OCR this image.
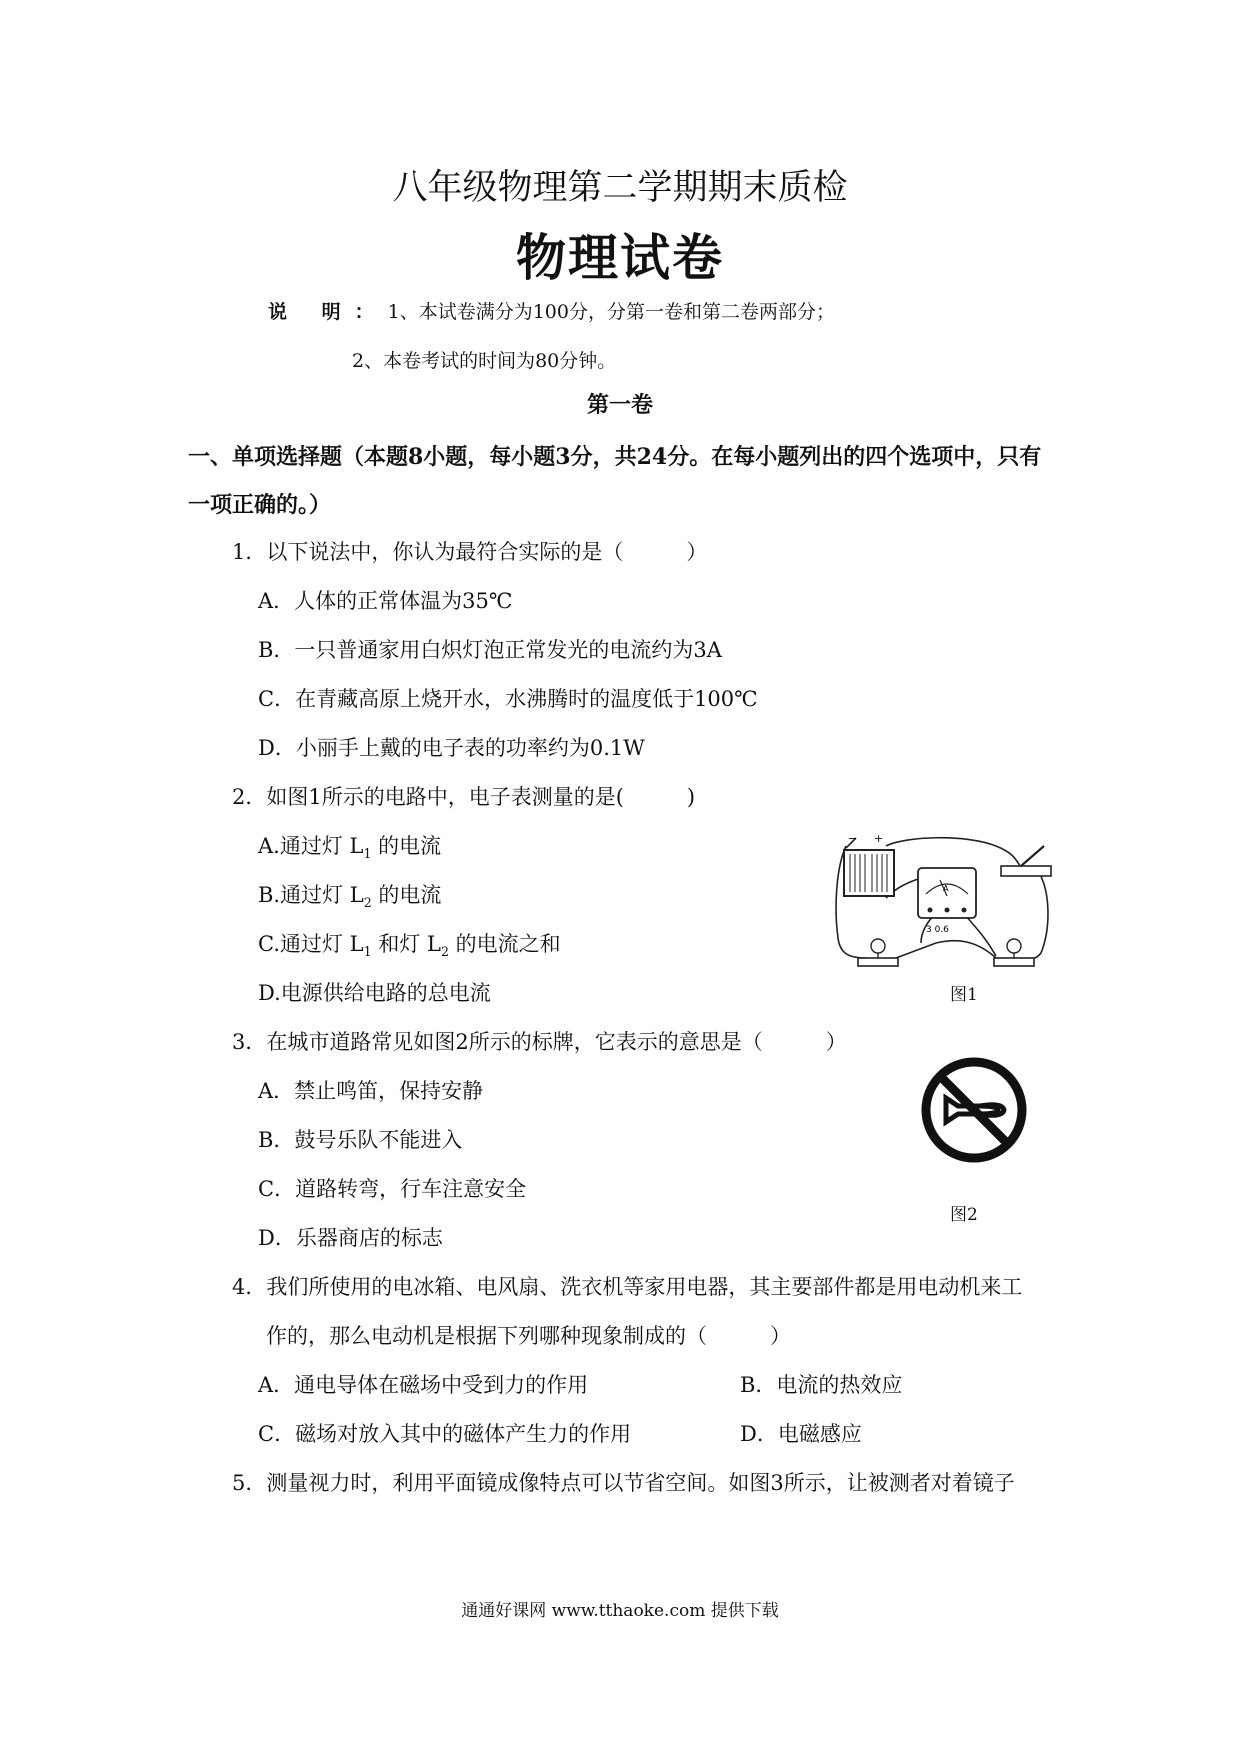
八年级物理第二学期期末质检
物理试卷
说 明：1、本试卷满分为100分，分第一卷和第二卷两部分；
2、本卷考试的时间为80分钟。
第一卷
一、单项选择题（本题8小题，每小题3分，共24分。在每小题列出的四个选项中，只有
一项正确的。）
1．以下说法中，你认为最符合实际的是（　　　）
A．人体的正常体温为35℃
B．一只普通家用白炽灯泡正常发光的电流约为3A
C．在青藏高原上烧开水，水沸腾时的温度低于100℃
D．小丽手上戴的电子表的功率约为0.1W
2．如图1所示的电路中，电子表测量的是(　　　)
A.通过灯 $L_1$ 的电流
B.通过灯 $L_2$ 的电流
C.通过灯 $L_1$ 和灯 $L_2$ 的电流之和
D.电源供给电路的总电流
− +
A
3 0.6
图1
3．在城市道路常见如图2所示的标牌，它表示的意思是（　　　）
A．禁止鸣笛，保持安静
B．鼓号乐队不能进入
C．道路转弯，行车注意安全
D．乐器商店的标志
图2
4．我们所使用的电冰箱、电风扇、洗衣机等家用电器，其主要部件都是用电动机来工
作的，那么电动机是根据下列哪种现象制成的（　　　）
A．通电导体在磁场中受到力的作用	B．电流的热效应
C．磁场对放入其中的磁体产生力的作用	D．电磁感应
5．测量视力时，利用平面镜成像特点可以节省空间。如图3所示，让被测者对着镜子
通通好课网 www.tthaoke.com 提供下载
